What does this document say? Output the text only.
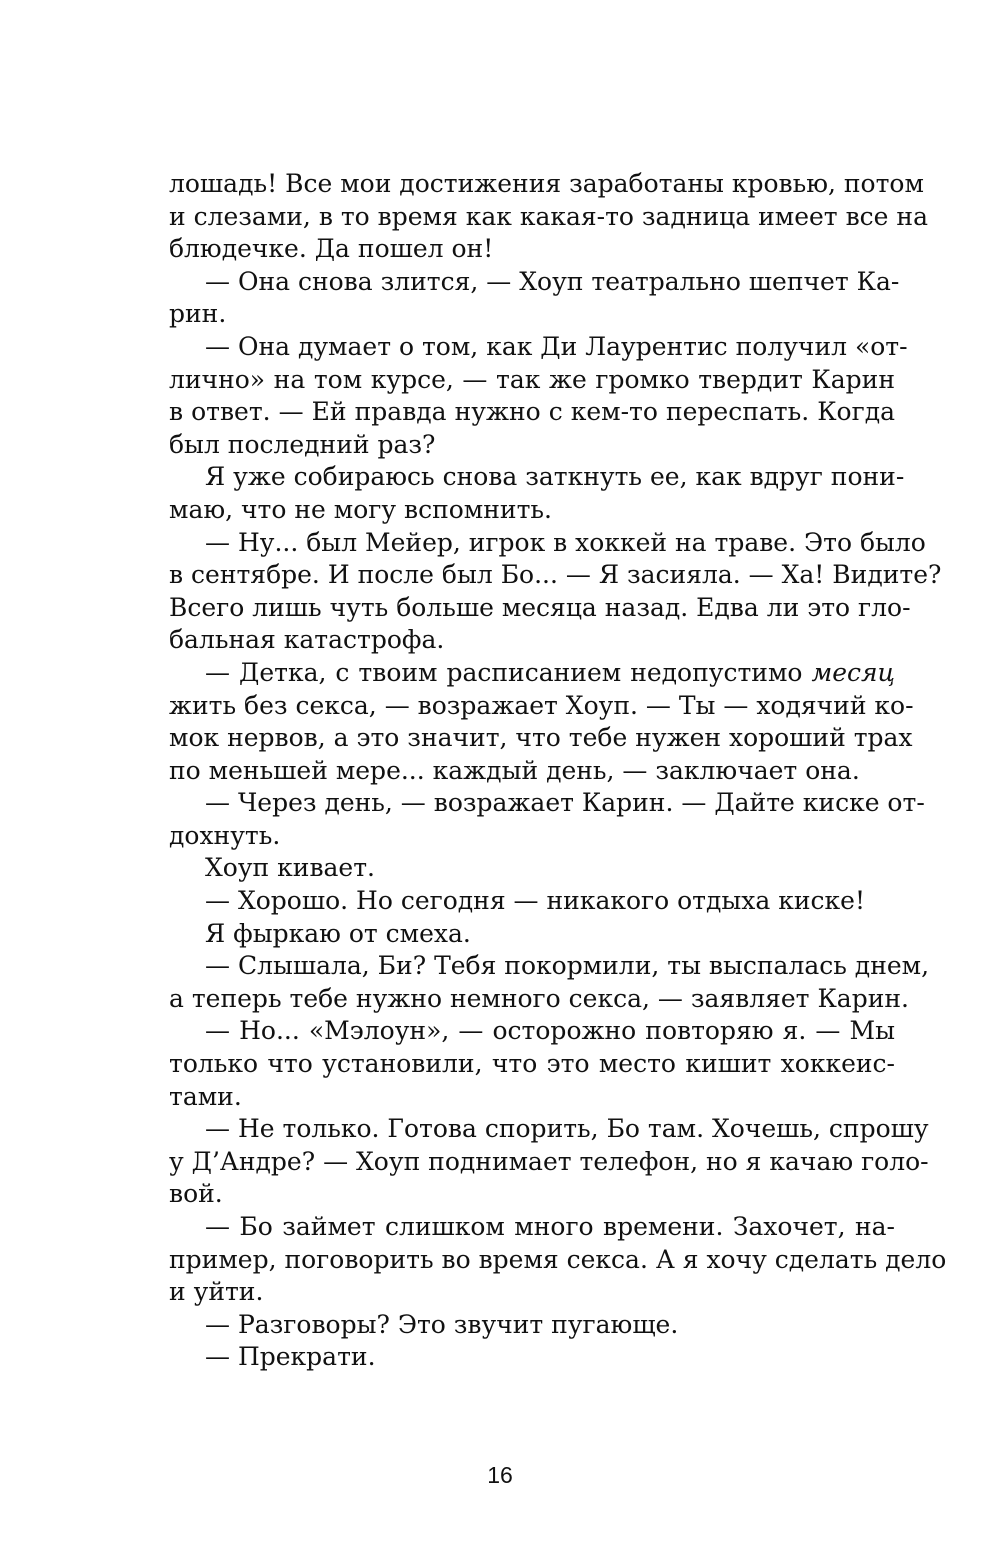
лошадь! Все мои достижения заработаны кровью, потом
и слезами, в то время как какая-то задница имеет все на
блюдечке. Да пошел он!
— Она снова злится, — Хоуп театрально шепчет Ка-
рин.
— Она думает о том, как Ди Лаурентис получил «от-
лично» на том курсе, — так же громко твердит Карин
в ответ. — Ей правда нужно с кем-то переспать. Когда
был последний раз?
Я уже собираюсь снова заткнуть ее, как вдруг пони-
маю, что не могу вспомнить.
— Ну... был Мейер, игрок в хоккей на траве. Это было
в сентябре. И после был Бо... — Я засияла. — Ха! Видите?
Всего лишь чуть больше месяца назад. Едва ли это гло-
бальная катастрофа.
— Детка, с твоим расписанием недопустимо месяц
жить без секса, — возражает Хоуп. — Ты — ходячий ко-
мок нервов, а это значит, что тебе нужен хороший трах
по меньшей мере... каждый день, — заключает она.
— Через день, — возражает Карин. — Дайте киске от-
дохнуть.
Хоуп кивает.
— Хорошо. Но сегодня — никакого отдыха киске!
Я фыркаю от смеха.
— Слышала, Би? Тебя покормили, ты выспалась днем,
а теперь тебе нужно немного секса, — заявляет Карин.
— Но... «Мэлоун», — осторожно повторяю я. — Мы
только что установили, что это место кишит хоккеис-
тами.
— Не только. Готова спорить, Бо там. Хочешь, спрошу
у Д’Андре? — Хоуп поднимает телефон, но я качаю голо-
вой.
— Бо займет слишком много времени. Захочет, на-
пример, поговорить во время секса. А я хочу сделать дело
и уйти.
— Разговоры? Это звучит пугающе.
— Прекрати.
16
